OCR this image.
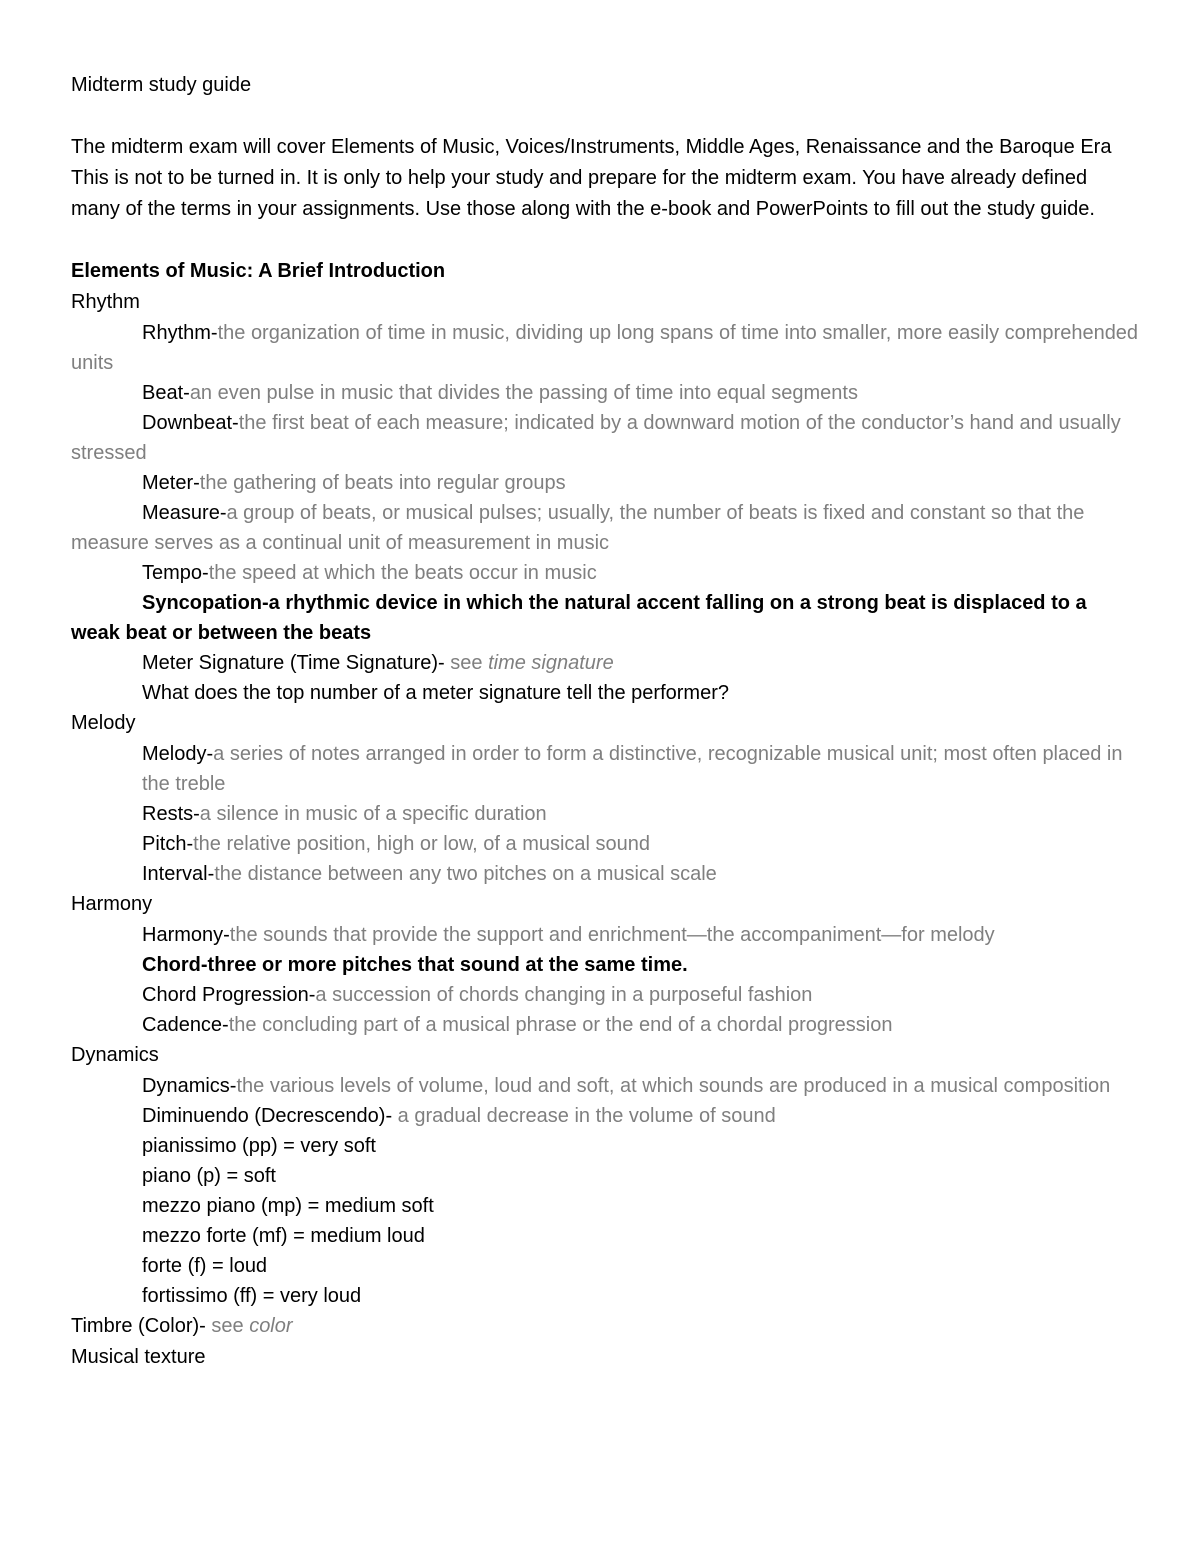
Midterm study guide
The midterm exam will cover Elements of Music, Voices/Instruments, Middle Ages, Renaissance and the Baroque Era
This is not to be turned in. It is only to help your study and prepare for the midterm exam. You have already defined many of the terms in your assignments. Use those along with the e-book and PowerPoints to fill out the study guide.
Elements of Music: A Brief Introduction
Rhythm

Rhythm-the organization of time in music, dividing up long spans of time into smaller, more easily comprehended units

Beat-an even pulse in music that divides the passing of time into equal segments

Downbeat-the first beat of each measure; indicated by a downward motion of the conductor’s hand and usually stressed

Meter-the gathering of beats into regular groups

Measure-a group of beats, or musical pulses; usually, the number of beats is fixed and constant so that the measure serves as a continual unit of measurement in music

Tempo-the speed at which the beats occur in music

Syncopation-a rhythmic device in which the natural accent falling on a strong beat is displaced to a weak beat or between the beats

Meter Signature (Time Signature)- see time signature

What does the top number of a meter signature tell the performer?

Melody

Melody-a series of notes arranged in order to form a distinctive, recognizable musical unit; most often placed in the treble

Rests-a silence in music of a specific duration

Pitch-the relative position, high or low, of a musical sound

Interval-the distance between any two pitches on a musical scale

Harmony

Harmony-the sounds that provide the support and enrichment—the accompaniment—for melody

Chord-three or more pitches that sound at the same time.

Chord Progression-a succession of chords changing in a purposeful fashion

Cadence-the concluding part of a musical phrase or the end of a chordal progression

Dynamics

Dynamics-the various levels of volume, loud and soft, at which sounds are produced in a musical composition

Diminuendo (Decrescendo)- a gradual decrease in the volume of sound

pianissimo (pp) = very soft

piano (p) = soft

mezzo piano (mp) = medium soft

mezzo forte (mf) = medium loud

forte (f) = loud

fortissimo (ff) = very loud

Timbre (Color)- see color
Musical texture
